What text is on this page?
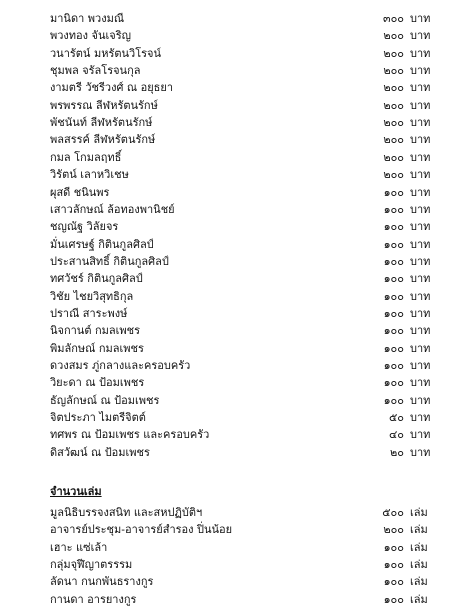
มานิดา พวงมณี	๓๐๐ บาท
พวงทอง จันเจริญ	๒๐๐ บาท
วนารัตน์ มหรัตนวิโรจน์	๒๐๐ บาท
ชุมพล จรัลโรจนกุล	๒๐๐ บาท
งามตรี วัชรีวงศ์ ณ อยุธยา	๒๐๐ บาท
พรพรรณ ลีฬหรัตนรักษ์	๒๐๐ บาท
พัชนันท์ ลีฬหรัตนรักษ์	๒๐๐ บาท
พลสรรค์ ลีฬหรัตนรักษ์	๒๐๐ บาท
กมล โกมลฤทธิ์	๒๐๐ บาท
วิรัตน์ เลาหวิเชษ	๒๐๐ บาท
ผุสดี ชนินพร	๑๐๐ บาท
เสาวลักษณ์ ล้อทองพานิชย์	๑๐๐ บาท
ชญณัฐ วิลัยจร	๑๐๐ บาท
มั่นเศรษฐ์ กิตินกูลศิลป์	๑๐๐ บาท
ประสานสิทธิ์ กิตินกูลศิลป์	๑๐๐ บาท
ทศวัชร์ กิตินกูลศิลป์	๑๐๐ บาท
วิชัย ไชยวิสุทธิกุล	๑๐๐ บาท
ปราณี สาระพงษ์	๑๐๐ บาท
นิจกานต์ กมลเพชร	๑๐๐ บาท
พิมลักษณ์ กมลเพชร	๑๐๐ บาท
ดวงสมร ภู่กลางและครอบครัว	๑๐๐ บาท
วิยะดา ณ ป้อมเพชร	๑๐๐ บาท
ธัญลักษณ์ ณ ป้อมเพชร	๑๐๐ บาท
จิตประภา ไมตรีจิตต์	๕๐ บาท
ทศพร ณ ป้อมเพชร และครอบครัว	๔๐ บาท
ดิสวัฒน์ ณ ป้อมเพชร	๒๐ บาท
จำนวนเล่ม
มูลนิธิบรรจงสนิท และสหปฏิบัติฯ	๕๐๐ เล่ม
อาจารย์ประชุม-อาจารย์สำรอง ปิ่นน้อย	๒๐๐ เล่ม
เฮาะ แซ่เล้า	๑๐๐ เล่ม
กลุ่มจุฬีญาตรรรม	๑๐๐ เล่ม
ลัดนา กนกพันธรางกูร	๑๐๐ เล่ม
กานดา อารยางกูร	๑๐๐ เล่ม
